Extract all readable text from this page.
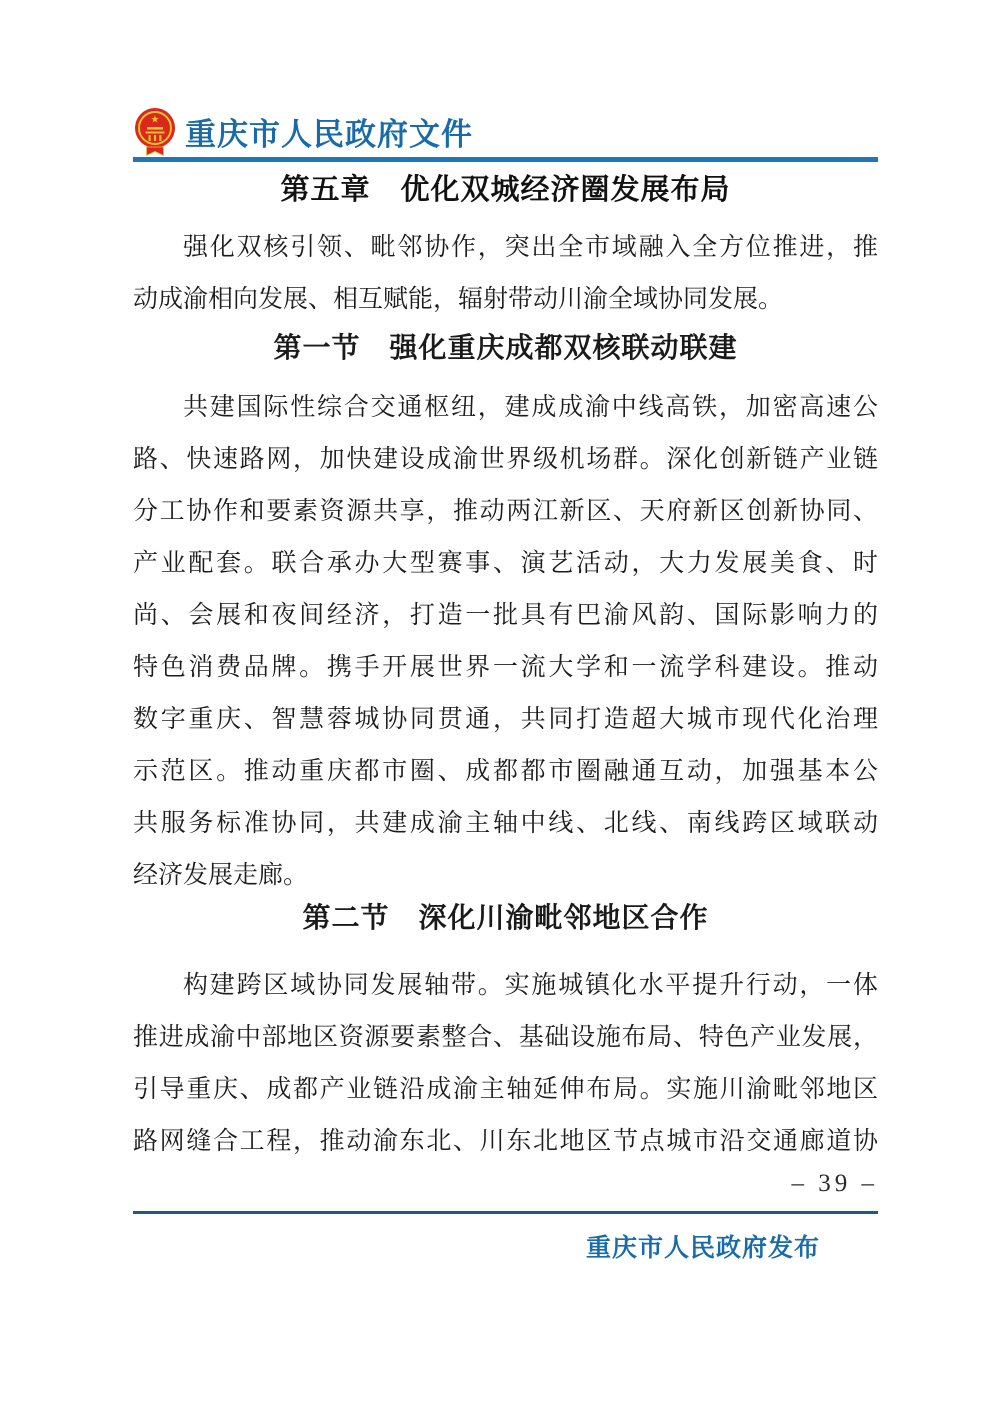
★ 重庆市人民政府文件
第五章　优化双城经济圈发展布局
强化双核引领、毗邻协作，突出全市域融入全方位推进，推
动成渝相向发展、相互赋能，辐射带动川渝全域协同发展。
第一节　强化重庆成都双核联动联建
共建国际性综合交通枢纽，建成成渝中线高铁，加密高速公
路、快速路网，加快建设成渝世界级机场群。深化创新链产业链
分工协作和要素资源共享，推动两江新区、天府新区创新协同、
产业配套。联合承办大型赛事、演艺活动，大力发展美食、时
尚、会展和夜间经济，打造一批具有巴渝风韵、国际影响力的
特色消费品牌。携手开展世界一流大学和一流学科建设。推动
数字重庆、智慧蓉城协同贯通，共同打造超大城市现代化治理
示范区。推动重庆都市圈、成都都市圈融通互动，加强基本公
共服务标准协同，共建成渝主轴中线、北线、南线跨区域联动
经济发展走廊。
第二节　深化川渝毗邻地区合作
构建跨区域协同发展轴带。实施城镇化水平提升行动，一体
推进成渝中部地区资源要素整合、基础设施布局、特色产业发展，
引导重庆、成都产业链沿成渝主轴延伸布局。实施川渝毗邻地区
路网缝合工程，推动渝东北、川东北地区节点城市沿交通廊道协
– 39 –
重庆市人民政府发布
